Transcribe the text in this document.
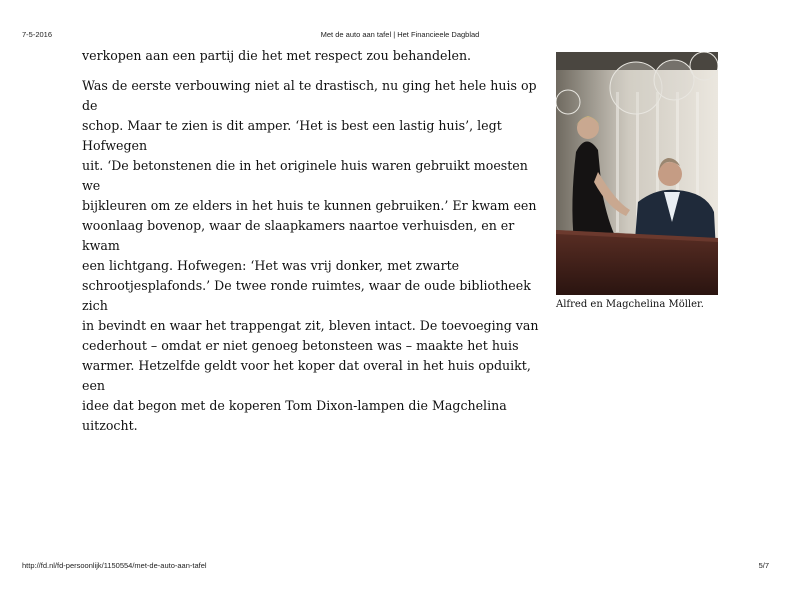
7-5-2016	Met de auto aan tafel | Het Financieele Dagblad

verkopen aan een partij die het met respect zou behandelen.

Was de eerste verbouwing niet al te drastisch, nu ging het hele huis op de
schop. Maar te zien is dit amper. ‘Het is best een lastig huis’, legt Hofwegen
uit. ‘De betonstenen die in het originele huis waren gebruikt moesten we
bijkleuren om ze elders in het huis te kunnen gebruiken.’ Er kwam een
woonlaag bovenop, waar de slaapkamers naartoe verhuisden, en er kwam
een lichtgang. Hofwegen: ‘Het was vrij donker, met zwarte
schrootjesplafonds.’ De twee ronde ruimtes, waar de oude bibliotheek zich
in bevindt en waar het trappengat zit, bleven intact. De toevoeging van
cederhout – omdat er niet genoeg betonsteen was – maakte het huis
warmer. Hetzelfde geldt voor het koper dat overal in het huis opduikt, een
idee dat begon met de koperen Tom Dixon-lampen die Magchelina uitzocht.

Alfred en Magchelina Möller.
http://fd.nl/fd-persoonlijk/1150554/met-de-auto-aan-tafel	5/7
